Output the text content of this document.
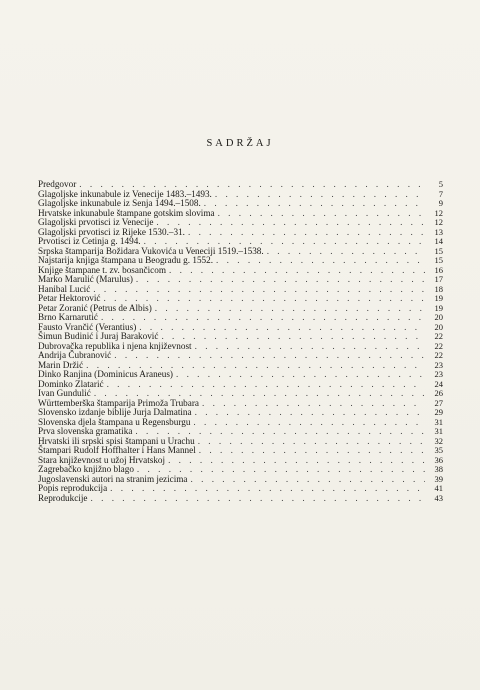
SADRŽAJ
Predgovor . . .	5
Glagoljske inkunabule iz Venecije 1483.–1493. . . .	7
Glagoljske inkunabule iz Senja 1494.–1508. . . .	9
Hrvatske inkunabule štampane gotskim slovima . . .	12
Glagoljski prvotisci iz Venecije . . .	12
Glagoljski prvotisci iz Rijeke 1530.–31. . . .	13
Prvotisci iz Cetinja g. 1494. . . .	14
Srpska štamparija Božidara Vukovića u Veneciji 1519.–1538. . . .	15
Najstarija knjiga štampana u Beogradu g. 1552. . . .	15
Knjige štampane t. zv. bosančicom . . .	16
Marko Marulić (Marulus) . . .	17
Hanibal Lucić . . .	18
Petar Hektorović . . .	19
Petar Zoranić (Petrus de Albis) . . .	19
Brno Karnarutić . . .	20
Fausto Vrančić (Verantius) . . .	20
Šimun Budinić i Juraj Baraković . . .	22
Dubrovačka republika i njena književnost . . .	22
Andrija Čubranović . . .	22
Marin Držić . . .	23
Dinko Ranjina (Dominicus Araneus) . . .	23
Dominko Zlatarić . . .	24
Ivan Gundulić . . .	26
Württemberška štamparija Primoža Trubara . . .	27
Slovensko izdanje biblije Jurja Dalmatina . . .	29
Slovenska djela štampana u Regensburgu . . .	31
Prva slovenska gramatika . . .	31
Hrvatski ili srpski spisi štampani u Urachu . . .	32
Štampari Rudolf Hoffhalter i Hans Mannel . . .	35
Stara književnost u užoj Hrvatskoj . . .	36
Zagrebačko knjižno blago . . .	38
Jugoslavenski autori na stranim jezicima . . .	39
Popis reprodukcija . . .	41
Reprodukcije . . .	43
